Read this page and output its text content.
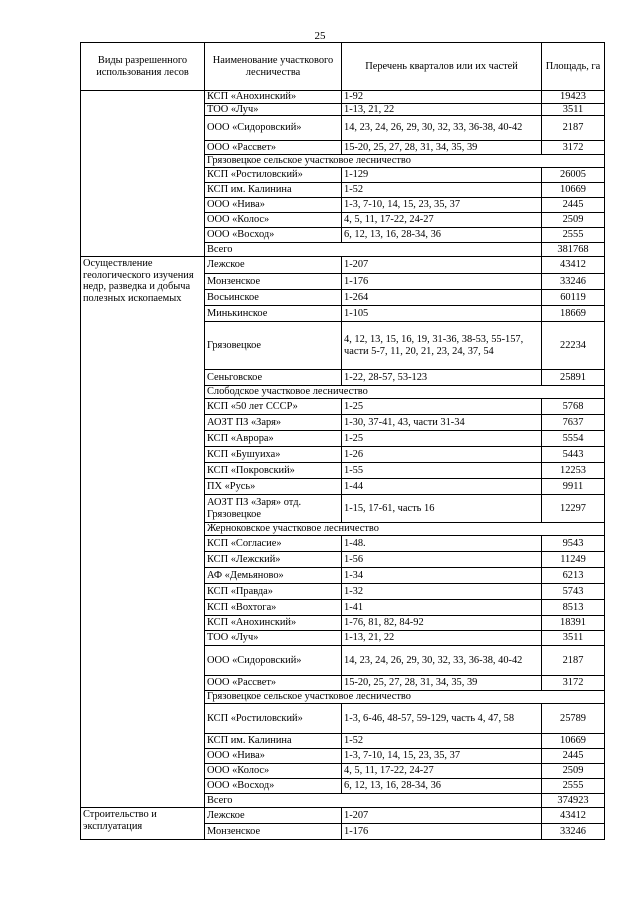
25
Виды разрешенного использования лесов	Наименование участкового лесничества	Перечень кварталов или их частей	Площадь, га
	КСП «Анохинский»	1-92	19423
	ТОО «Луч»	1-13, 21, 22	3511
	ООО «Сидоровский»	14, 23, 24, 26, 29, 30, 32, 33, 36-38, 40-42	2187
	ООО «Рассвет»	15-20, 25, 27, 28, 31, 34, 35, 39	3172
	Грязовецкое сельское участковое лесничество		
	КСП «Ростиловский»	1-129	26005
	КСП им. Калинина	1-52	10669
	ООО «Нива»	1-3, 7-10, 14, 15, 23, 35, 37	2445
	ООО «Колос»	4, 5, 11, 17-22, 24-27	2509
	ООО «Восход»	6, 12, 13, 16, 28-34, 36	2555
	Всего		381768
Осуществление геологического изучения недр, разведка и добыча полезных ископаемых	Лежское	1-207	43412
	Монзенское	1-176	33246
	Восьинское	1-264	60119
	Минькинское	1-105	18669
	Грязовецкое	4, 12, 13, 15, 16, 19, 31-36, 38-53, 55-157, части 5-7, 11, 20, 21, 23, 24, 37, 54	22234
	Сеньговское	1-22, 28-57, 53-123	25891
	Слободское участковое лесничество		
	КСП «50 лет СССР»	1-25	5768
	АОЗТ ПЗ «Заря»	1-30, 37-41, 43, части 31-34	7637
	КСП «Аврора»	1-25	5554
	КСП «Бушуиха»	1-26	5443
	КСП «Покровский»	1-55	12253
	ПХ «Русь»	1-44	9911
	АОЗТ ПЗ «Заря» отд. Грязовецкое	1-15, 17-61, часть 16	12297
	Жерноковское участковое лесничество		
	КСП «Согласие»	1-48.	9543
	КСП «Лежский»	1-56	11249
	АФ «Демьяново»	1-34	6213
	КСП «Правда»	1-32	5743
	КСП «Вохтога»	1-41	8513
	КСП «Анохинский»	1-76, 81, 82, 84-92	18391
	ТОО «Луч»	1-13, 21, 22	3511
	ООО «Сидоровский»	14, 23, 24, 26, 29, 30, 32, 33, 36-38, 40-42	2187
	ООО «Рассвет»	15-20, 25, 27, 28, 31, 34, 35, 39	3172
	Грязовецкое сельское участковое лесничество		
	КСП «Ростиловский»	1-3, 6-46, 48-57, 59-129, часть 4, 47, 58	25789
	КСП им. Калинина	1-52	10669
	ООО «Нива»	1-3, 7-10, 14, 15, 23, 35, 37	2445
	ООО «Колос»	4, 5, 11, 17-22, 24-27	2509
	ООО «Восход»	6, 12, 13, 16, 28-34, 36	2555
	Всего		374923
Строительство и эксплуатация	Лежское	1-207	43412
	Монзенское	1-176	33246
